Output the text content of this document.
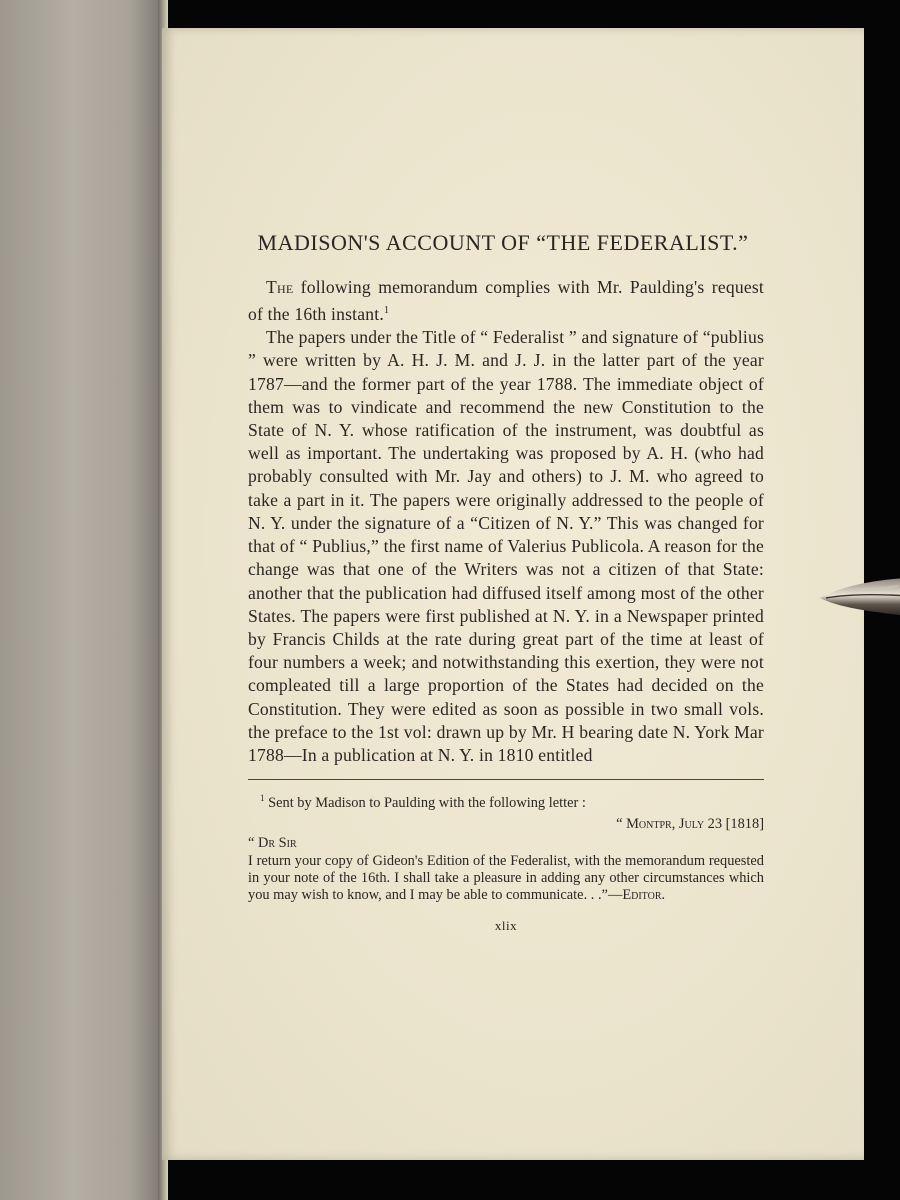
MADISON'S ACCOUNT OF “THE FEDERALIST.”

The following memorandum complies with Mr. Paulding's request of the 16th instant.$^1$

The papers under the Title of “ Federalist ” and signature of “publius ” were written by A. H. J. M. and J. J. in the latter part of the year 1787—and the former part of the year 1788. The immediate object of them was to vindicate and recommend the new Constitution to the State of N. Y. whose ratification of the instrument, was doubtful as well as important. The undertaking was proposed by A. H. (who had probably consulted with Mr. Jay and others) to J. M. who agreed to take a part in it. The papers were originally addressed to the people of N. Y. under the signature of a “Citizen of N. Y.” This was changed for that of “ Publius,” the first name of Valerius Publicola. A reason for the change was that one of the Writers was not a citizen of that State: another that the publication had diffused itself among most of the other States. The papers were first published at N. Y. in a Newspaper printed by Francis Childs at the rate during great part of the time at least of four numbers a week; and notwithstanding this exertion, they were not compleated till a large proportion of the States had decided on the Constitution. They were edited as soon as possible in two small vols. the preface to the 1st vol: drawn up by Mr. H bearing date N. York Mar 1788—In a publication at N. Y. in 1810 entitled

$^1$ Sent by Madison to Paulding with the following letter :

“ Montpr, July 23 [1818]

“ Dr Sir

I return your copy of Gideon's Edition of the Federalist, with the memorandum requested in your note of the 16th. I shall take a pleasure in adding any other circumstances which you may wish to know, and I may be able to communicate. . .”—Editor.

xlix
